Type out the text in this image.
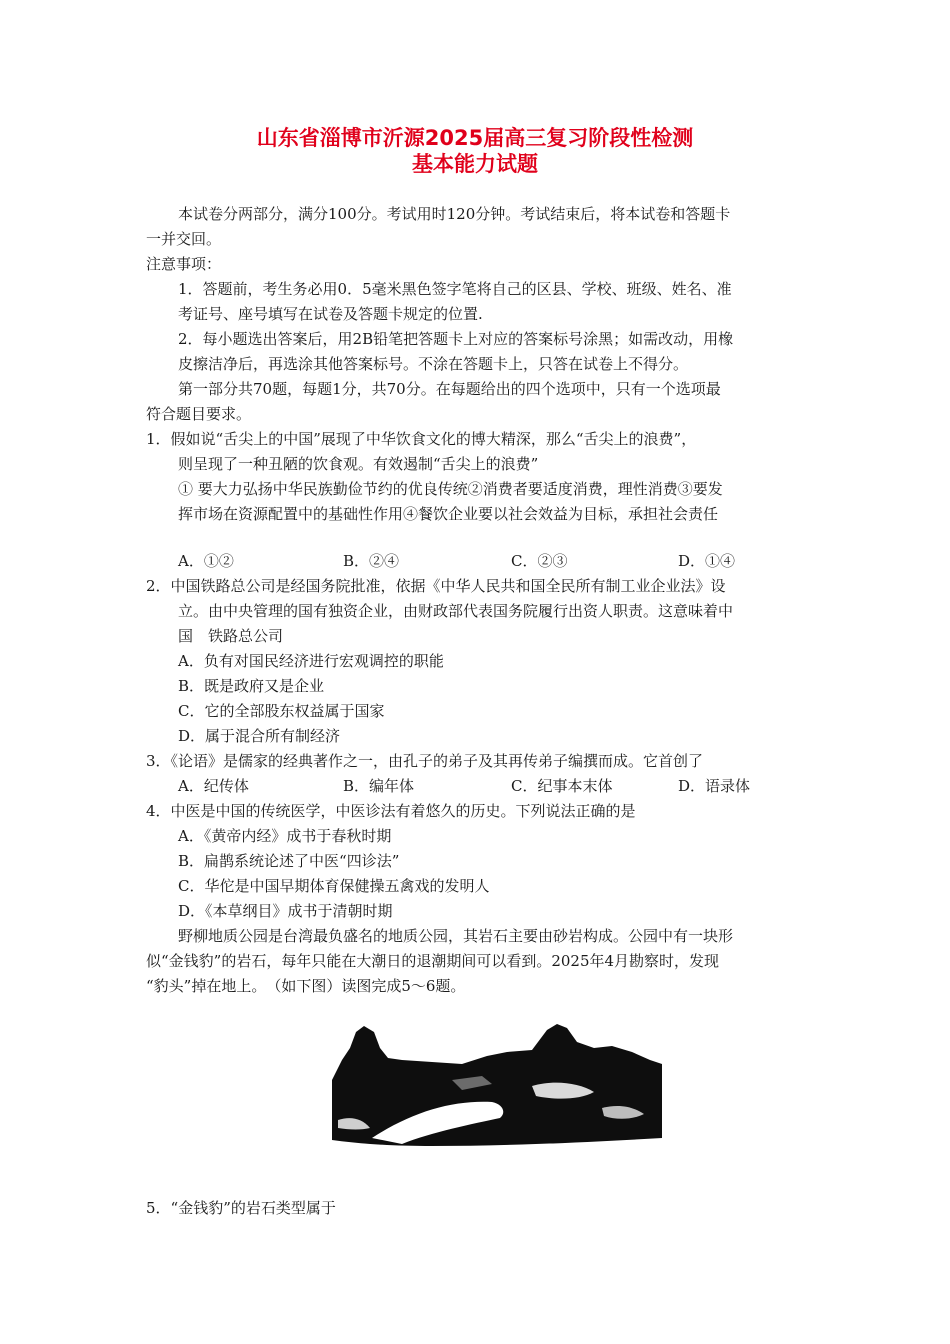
山东省淄博市沂源2025届高三复习阶段性检测
基本能力试题
本试卷分两部分，满分100分。考试用时120分钟。考试结束后，将本试卷和答题卡
一并交回。
注意事项：
1．答题前，考生务必用0．5毫米黑色签字笔将自己的区县、学校、班级、姓名、准
考证号、座号填写在试卷及答题卡规定的位置.
2．每小题选出答案后，用2B铅笔把答题卡上对应的答案标号涂黑；如需改动，用橡
皮擦洁净后，再选涂其他答案标号。不涂在答题卡上，只答在试卷上不得分。
第一部分共70题，每题1分，共70分。在每题给出的四个选项中，只有一个选项最
符合题目要求。
1．假如说“舌尖上的中国”展现了中华饮食文化的博大精深，那么“舌尖上的浪费”，
则呈现了一种丑陋的饮食观。有效遏制“舌尖上的浪费”
① 要大力弘扬中华民族勤俭节约的优良传统②消费者要适度消费，理性消费③要发
挥市场在资源配置中的基础性作用④餐饮企业要以社会效益为目标，承担社会责任
A．①②	B．②④	C．②③	D．①④
2．中国铁路总公司是经国务院批准，依据《中华人民共和国全民所有制工业企业法》设
立。由中央管理的国有独资企业，由财政部代表国务院履行出资人职责。这意味着中
国　铁路总公司
A．负有对国民经济进行宏观调控的职能
B．既是政府又是企业
C．它的全部股东权益属于国家
D．属于混合所有制经济
3．《论语》是儒家的经典著作之一，由孔子的弟子及其再传弟子编撰而成。它首创了
A．纪传体	B．编年体	C．纪事本末体	D．语录体
4．中医是中国的传统医学，中医诊法有着悠久的历史。下列说法正确的是
A．《黄帝内经》成书于春秋时期
B．扁鹊系统论述了中医“四诊法”
C．华佗是中国早期体育保健操五禽戏的发明人
D．《本草纲目》成书于清朝时期
野柳地质公园是台湾最负盛名的地质公园，其岩石主要由砂岩构成。公园中有一块形
似“金钱豹”的岩石，每年只能在大潮日的退潮期间可以看到。2025年4月勘察时，发现
“豹头”掉在地上。　（如下图）读图完成5～6题。
5．“金钱豹”的岩石类型属于
